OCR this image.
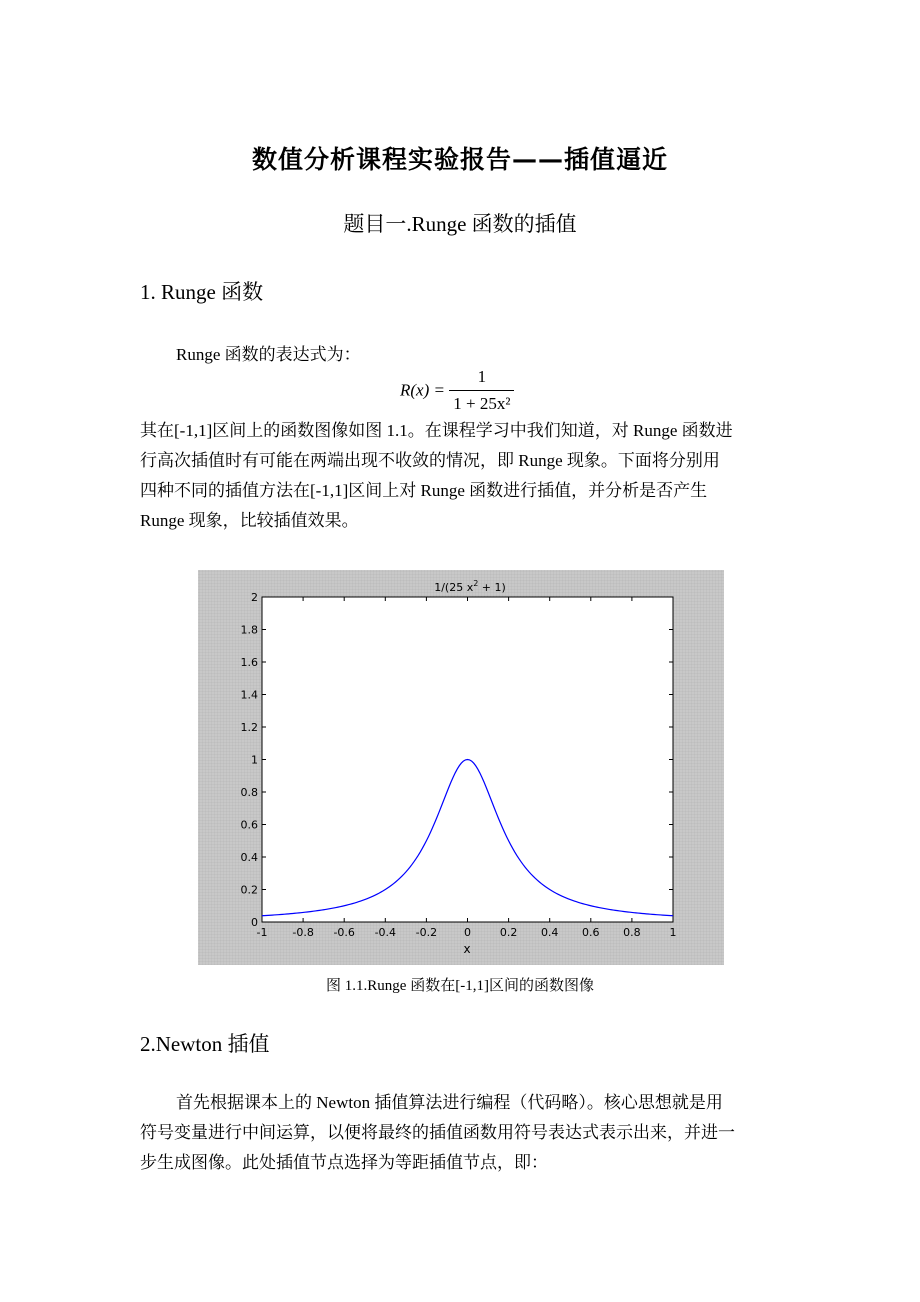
数值分析课程实验报告——插值逼近
题目一.Runge 函数的插值
1. Runge 函数
Runge 函数的表达式为：
$R(x) = \frac{1}{\text{1 + 25x²}}$
其在[-1,1]区间上的函数图像如图 1.1。在课程学习中我们知道，对 Runge 函数进
行高次插值时有可能在两端出现不收敛的情况，即 Runge 现象。下面将分别用
四种不同的插值方法在[-1,1]区间上对 Runge 函数进行插值，并分析是否产生
Runge 现象，比较插值效果。
1/(25 $x^2 + 1$)
-1 -0.8 -0.6 -0.4 -0.2 0	0.2 0.4 0.6 0.8	1
0
0.2
0.4
0.6
0.8
1
1.2
1.4
1.6
1.8
2
x
图 1.1.Runge 函数在[-1,1]区间的函数图像
2.Newton 插值
首先根据课本上的 Newton 插值算法进行编程（代码略）。核心思想就是用
符号变量进行中间运算，以便将最终的插值函数用符号表达式表示出来，并进一
步生成图像。此处插值节点选择为等距插值节点，即：
